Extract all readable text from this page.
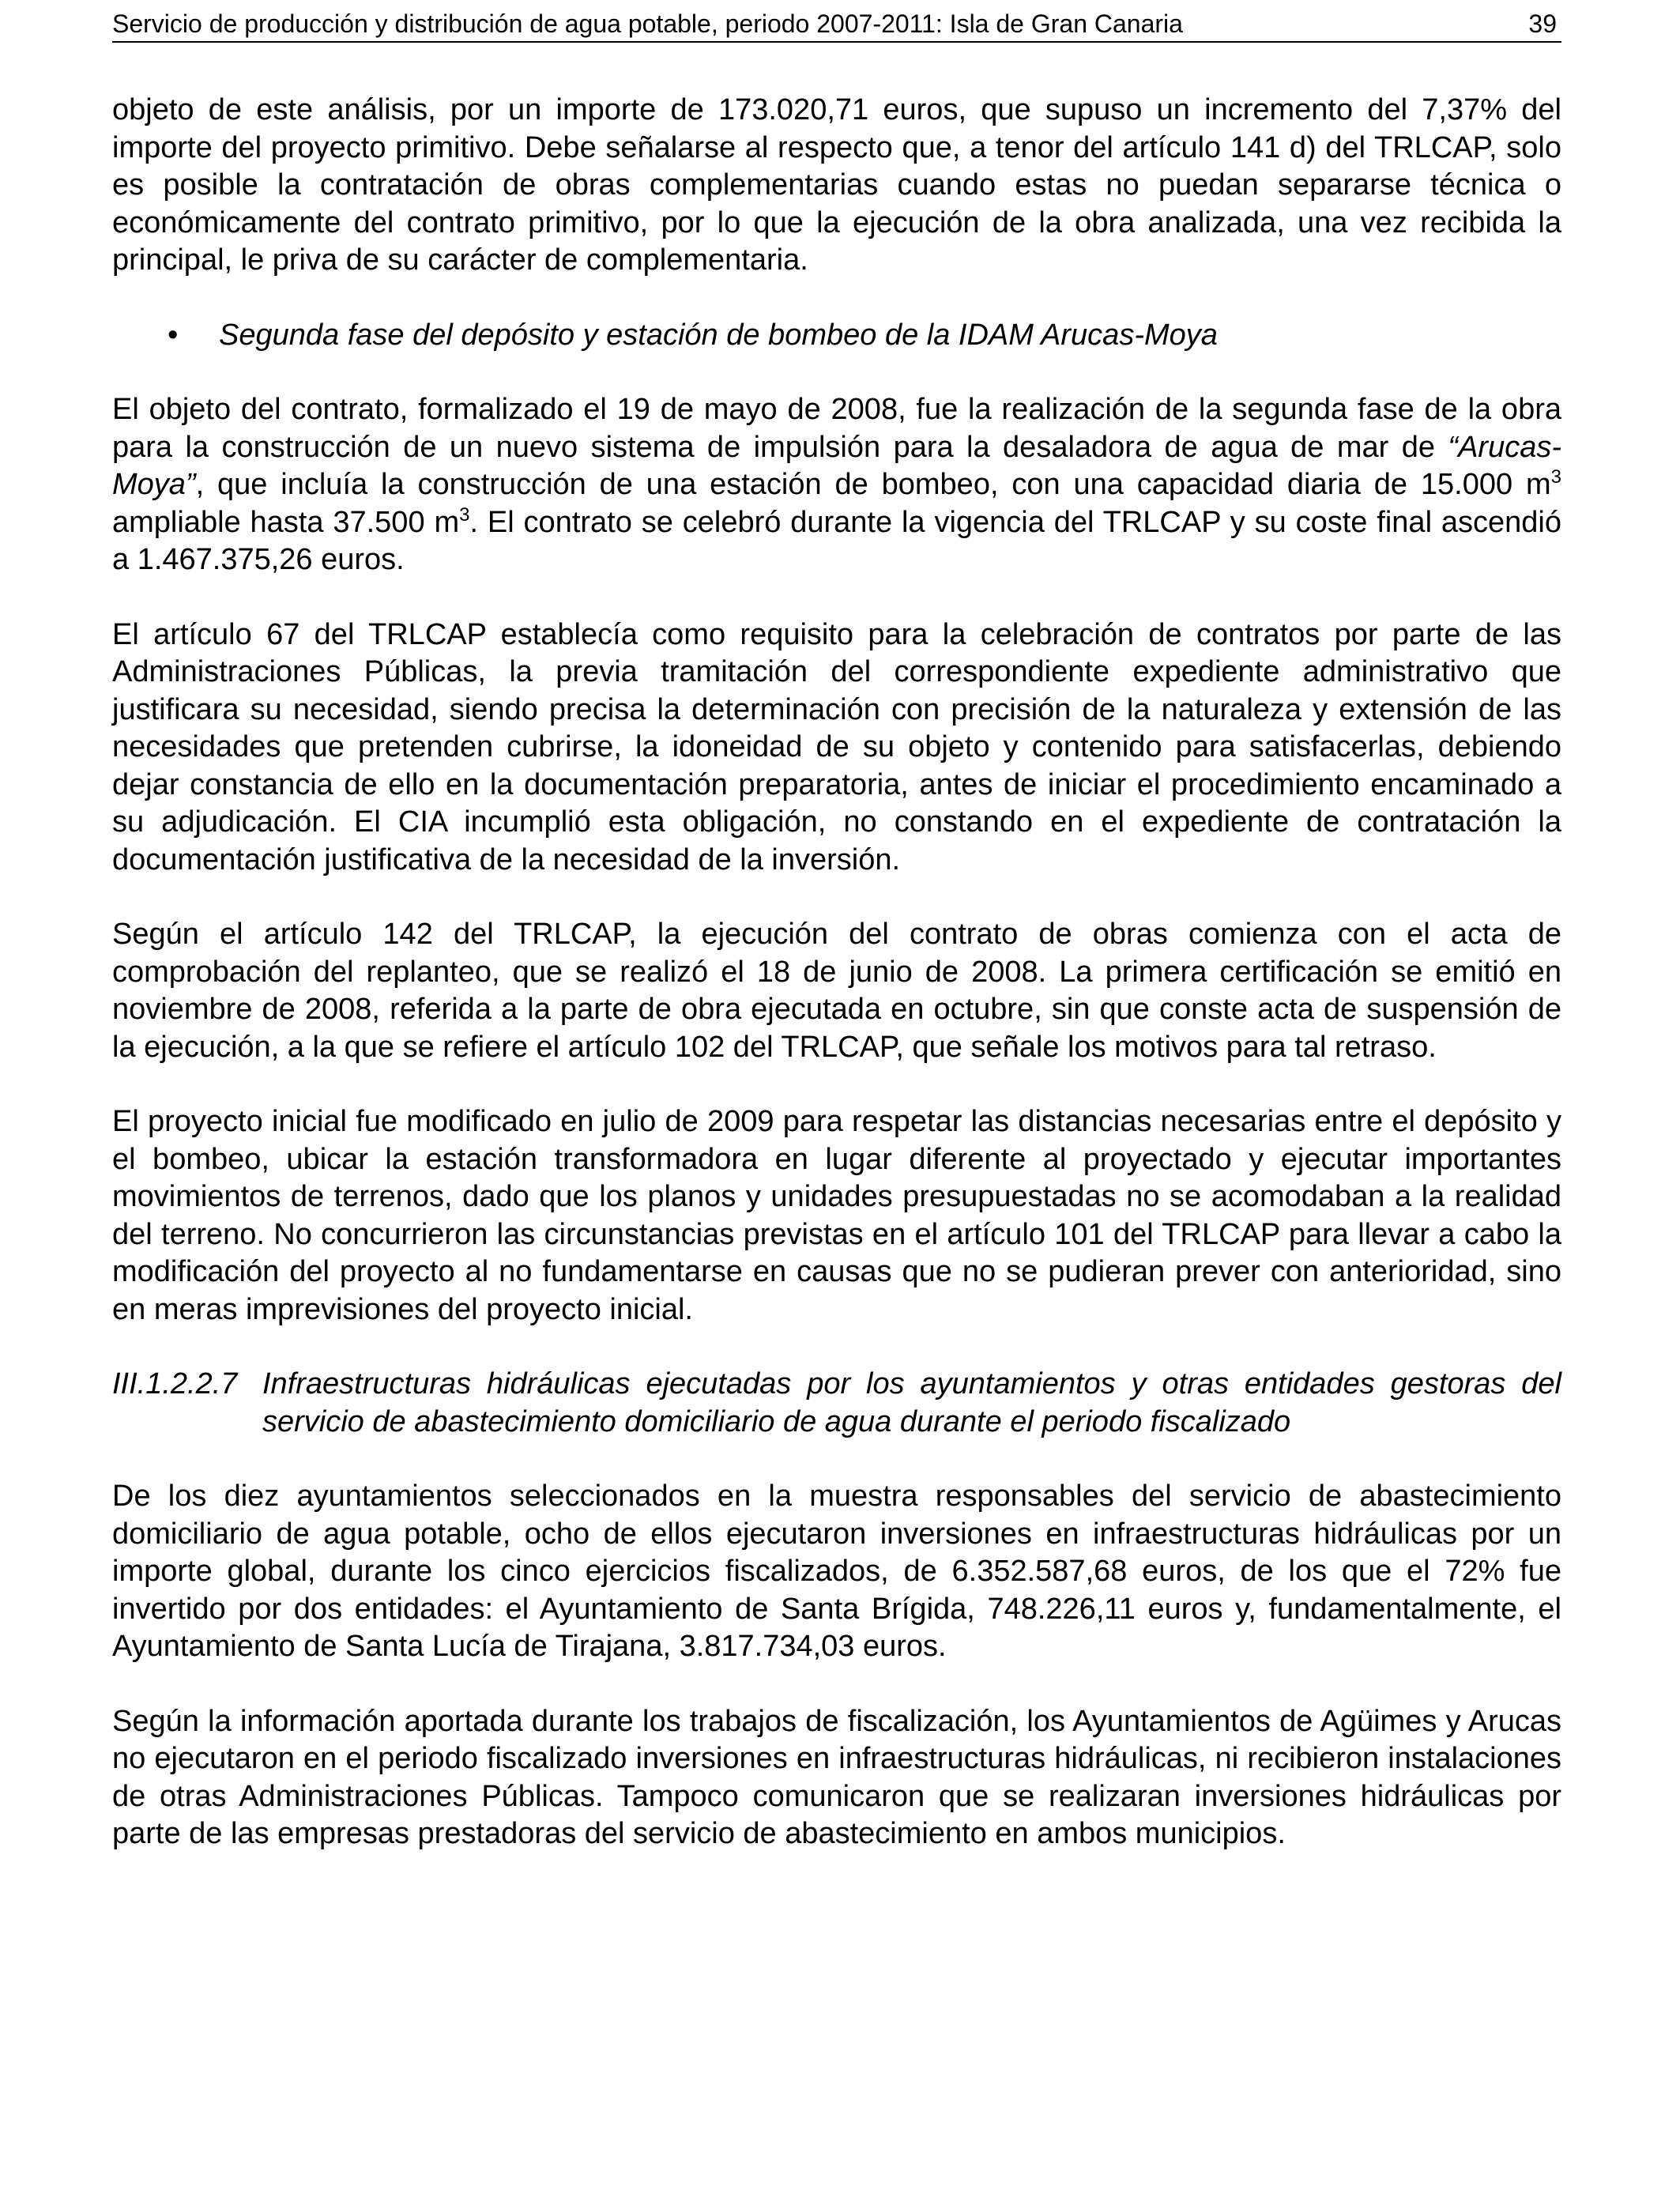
Servicio de producción y distribución de agua potable, periodo 2007-2011: Isla de Gran Canaria	39

objeto de este análisis, por un importe de 173.020,71 euros, que supuso un incremento del 7,37% del importe del proyecto primitivo. Debe señalarse al respecto que, a tenor del artículo 141 d) del TRLCAP, solo es posible la contratación de obras complementarias cuando estas no puedan separarse técnica o económicamente del contrato primitivo, por lo que la ejecución de la obra analizada, una vez recibida la principal, le priva de su carácter de complementaria.

• Segunda fase del depósito y estación de bombeo de la IDAM Arucas-Moya

El objeto del contrato, formalizado el 19 de mayo de 2008, fue la realización de la segunda fase de la obra para la construcción de un nuevo sistema de impulsión para la desaladora de agua de mar de “Arucas-Moya”, que incluía la construcción de una estación de bombeo, con una capacidad diaria de 15.000 $m^3$ ampliable hasta 37.500 $m^3$. El contrato se celebró durante la vigencia del TRLCAP y su coste final ascendió a 1.467.375,26 euros.

El artículo 67 del TRLCAP establecía como requisito para la celebración de contratos por parte de las Administraciones Públicas, la previa tramitación del correspondiente expediente administrativo que justificara su necesidad, siendo precisa la determinación con precisión de la naturaleza y extensión de las necesidades que pretenden cubrirse, la idoneidad de su objeto y contenido para satisfacerlas, debiendo dejar constancia de ello en la documentación preparatoria, antes de iniciar el procedimiento encaminado a su adjudicación. El CIA incumplió esta obligación, no constando en el expediente de contratación la documentación justificativa de la necesidad de la inversión.

Según el artículo 142 del TRLCAP, la ejecución del contrato de obras comienza con el acta de comprobación del replanteo, que se realizó el 18 de junio de 2008. La primera certificación se emitió en noviembre de 2008, referida a la parte de obra ejecutada en octubre, sin que conste acta de suspensión de la ejecución, a la que se refiere el artículo 102 del TRLCAP, que señale los motivos para tal retraso.

El proyecto inicial fue modificado en julio de 2009 para respetar las distancias necesarias entre el depósito y el bombeo, ubicar la estación transformadora en lugar diferente al proyectado y ejecutar importantes movimientos de terrenos, dado que los planos y unidades presupuestadas no se acomodaban a la realidad del terreno. No concurrieron las circunstancias previstas en el artículo 101 del TRLCAP para llevar a cabo la modificación del proyecto al no fundamentarse en causas que no se pudieran prever con anterioridad, sino en meras imprevisiones del proyecto inicial.

III.1.2.2.7 Infraestructuras hidráulicas ejecutadas por los ayuntamientos y otras entidades gestoras del servicio de abastecimiento domiciliario de agua durante el periodo fiscalizado

De los diez ayuntamientos seleccionados en la muestra responsables del servicio de abastecimiento domiciliario de agua potable, ocho de ellos ejecutaron inversiones en infraestructuras hidráulicas por un importe global, durante los cinco ejercicios fiscalizados, de 6.352.587,68 euros, de los que el 72% fue invertido por dos entidades: el Ayuntamiento de Santa Brígida, 748.226,11 euros y, fundamentalmente, el Ayuntamiento de Santa Lucía de Tirajana, 3.817.734,03 euros.

Según la información aportada durante los trabajos de fiscalización, los Ayuntamientos de Agüimes y Arucas no ejecutaron en el periodo fiscalizado inversiones en infraestructuras hidráulicas, ni recibieron instalaciones de otras Administraciones Públicas. Tampoco comunicaron que se realizaran inversiones hidráulicas por parte de las empresas prestadoras del servicio de abastecimiento en ambos municipios.
